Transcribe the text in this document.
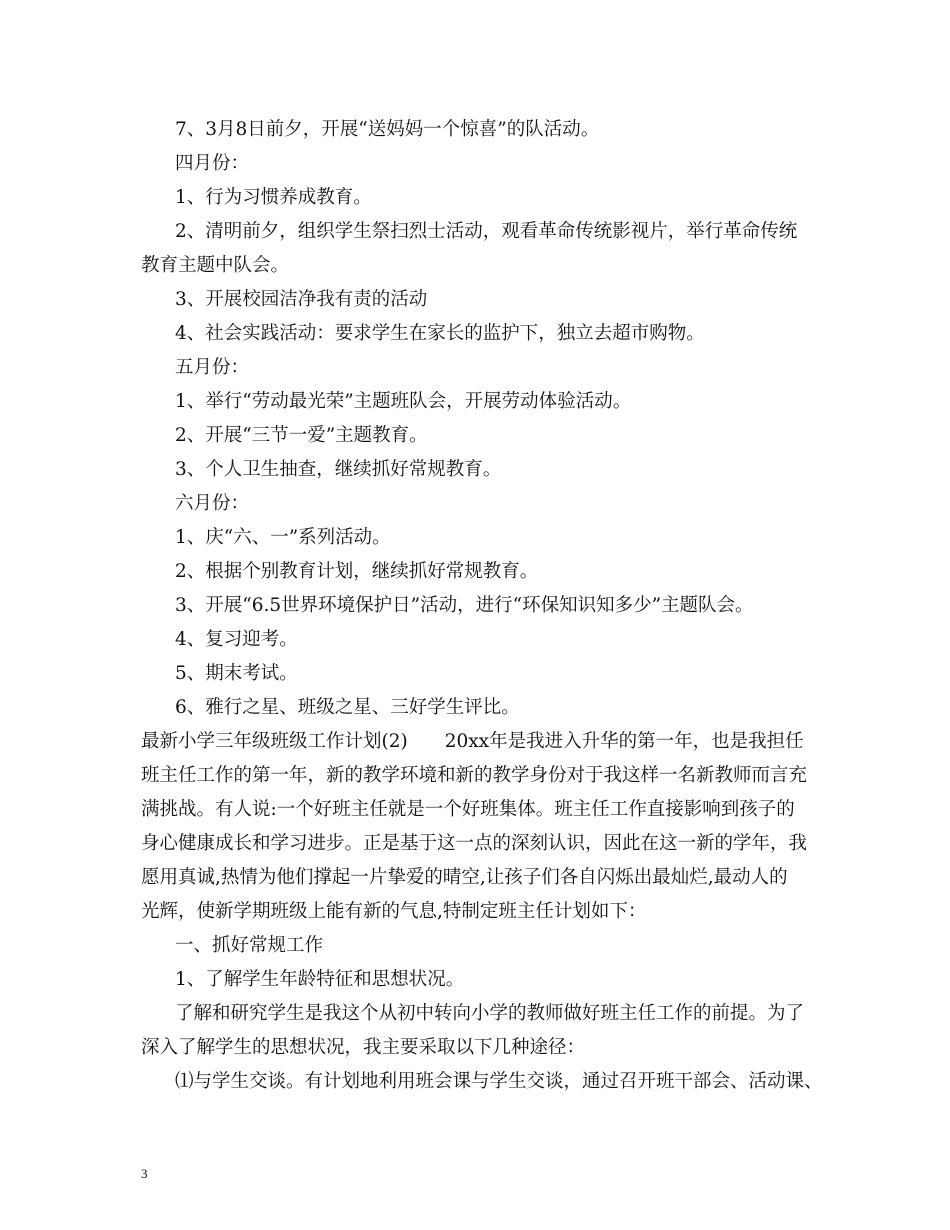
7、3月8日前夕，开展“送妈妈一个惊喜”的队活动。

四月份：

1、行为习惯养成教育。

2、清明前夕，组织学生祭扫烈士活动，观看革命传统影视片，举行革命传统

教育主题中队会。

3、开展校园洁净我有责的活动

4、社会实践活动：要求学生在家长的监护下，独立去超市购物。

五月份：

1、举行“劳动最光荣”主题班队会，开展劳动体验活动。

2、开展“三节一爱”主题教育。

3、个人卫生抽查，继续抓好常规教育。

六月份：

1、庆“六、一”系列活动。

2、根据个别教育计划，继续抓好常规教育。

3、开展“6.5世界环境保护日”活动，进行“环保知识知多少”主题队会。

4、复习迎考。

5、期末考试。

6、雅行之星、班级之星、三好学生评比。

最新小学三年级班级工作计划(2)　　20xx年是我进入升华的第一年，也是我担任

班主任工作的第一年，新的教学环境和新的教学身份对于我这样一名新教师而言充

满挑战。有人说:一个好班主任就是一个好班集体。班主任工作直接影响到孩子的

身心健康成长和学习进步。正是基于这一点的深刻认识，因此在这一新的学年，我

愿用真诚,热情为他们撑起一片挚爱的晴空,让孩子们各自闪烁出最灿烂,最动人的

光辉，使新学期班级上能有新的气息,特制定班主任计划如下：

一、抓好常规工作

1、了解学生年龄特征和思想状况。

了解和研究学生是我这个从初中转向小学的教师做好班主任工作的前提。为了

深入了解学生的思想状况，我主要采取以下几种途径：

⑴与学生交谈。有计划地利用班会课与学生交谈，通过召开班干部会、活动课、

3
